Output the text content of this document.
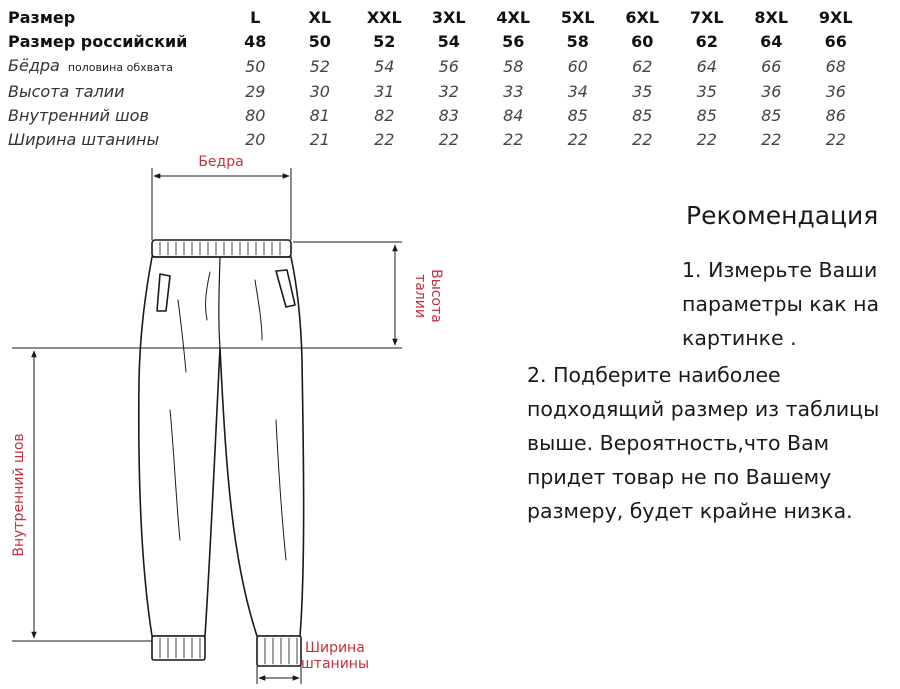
Размер	L	XL	XXL	3XL	4XL	5XL	6XL	7XL	8XL	9XL
Размер российский	48	50	52	54	56	58	60	62	64	66
Бёдра половина обхвата	50	52	54	56	58	60	62	64	66	68
Высота талии	29	30	31	32	33	34	35	35	36	36
Внутренний шов	80	81	82	83	84	85	85	85	85	86
Ширина штанины	20	21	22	22	22	22	22	22	22	22
Бедра
Высота
талии
Внутренний шов
Ширина
штанины
Рекомендация
1. Измерьте Ваши параметры как на картинке .
2. Подберите наиболее подходящий размер из таблицы выше. Вероятность,что Вам придет товар не по Вашему размеру, будет крайне низка.
